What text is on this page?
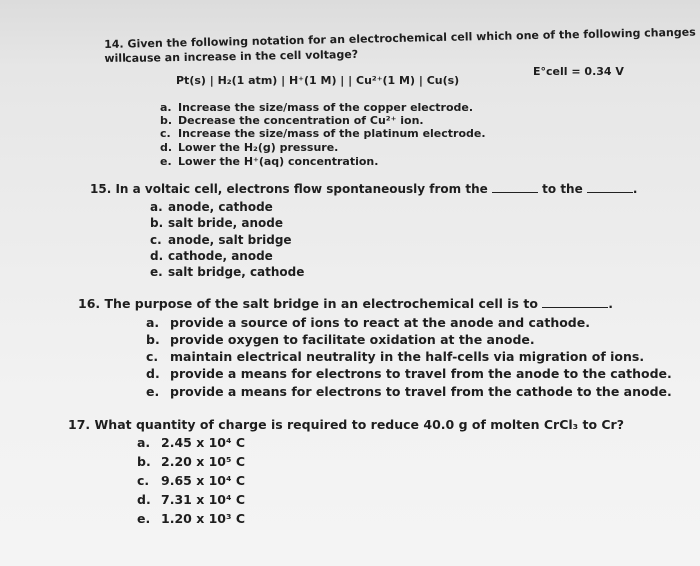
14. Given the following notation for an electrochemical cell which one of the following changes will
cause an increase in the cell voltage?
Pt(s) | H₂(1 atm) | H⁺(1 M) | | Cu²⁺(1 M) | Cu(s)
E°cell = 0.34 V
a. Increase the size/mass of the copper electrode.
b. Decrease the concentration of Cu²⁺ ion.
c. Increase the size/mass of the platinum electrode.
d. Lower the H₂(g) pressure.
e. Lower the H⁺(aq) concentration.
15. In a voltaic cell, electrons flow spontaneously from the	to the	.
a. anode, cathode
b. salt bride, anode
c. anode, salt bridge
d. cathode, anode
e. salt bridge, cathode
16. The purpose of the salt bridge in an electrochemical cell is to	.
a. provide a source of ions to react at the anode and cathode.
b. provide oxygen to facilitate oxidation at the anode.
c. maintain electrical neutrality in the half-cells via migration of ions.
d. provide a means for electrons to travel from the anode to the cathode.
e. provide a means for electrons to travel from the cathode to the anode.
17. What quantity of charge is required to reduce 40.0 g of molten CrCl₃ to Cr?
a. 2.45 x 10⁴ C
b. 2.20 x 10⁵ C
c. 9.65 x 10⁴ C
d. 7.31 x 10⁴ C
e. 1.20 x 10³ C
